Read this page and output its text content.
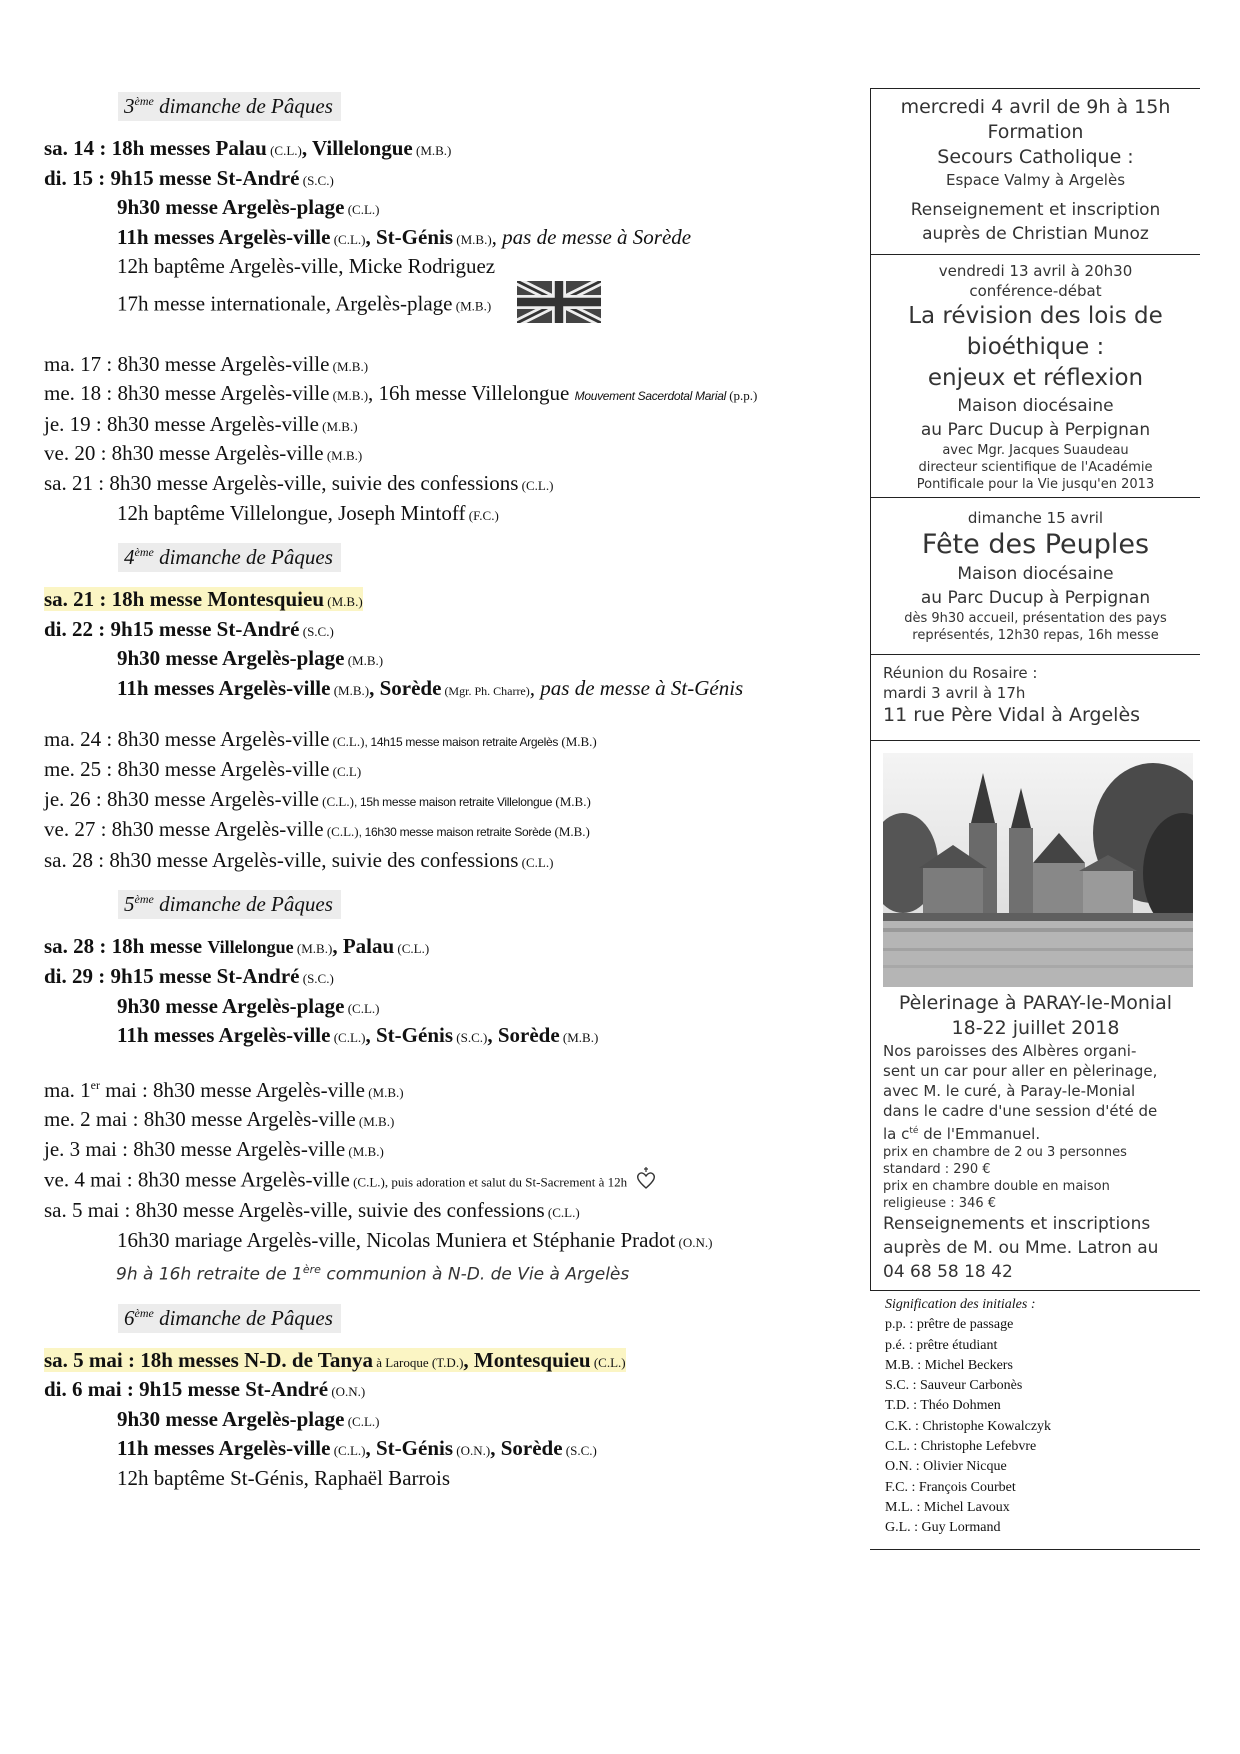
3ème dimanche de Pâques
sa. 14 : 18h messes Palau (C.L.), Villelongue (M.B.)
di. 15 : 9h15 messe St-André (S.C.)
9h30 messe Argelès-plage (C.L.)
11h messes Argelès-ville (C.L.), St-Génis (M.B.), pas de messe à Sorède
12h baptême Argelès-ville, Micke Rodriguez
17h messe internationale, Argelès-plage (M.B.)
ma. 17 : 8h30 messe Argelès-ville (M.B.)
me. 18 : 8h30 messe Argelès-ville (M.B.), 16h messe Villelongue Mouvement Sacerdotal Marial (p.p.)
je. 19 : 8h30 messe Argelès-ville (M.B.)
ve. 20 : 8h30 messe Argelès-ville (M.B.)
sa. 21 : 8h30 messe Argelès-ville, suivie des confessions (C.L.)
12h baptême Villelongue, Joseph Mintoff (F.C.)
4ème dimanche de Pâques
sa. 21 : 18h messe Montesquieu (M.B.)
di. 22 : 9h15 messe St-André (S.C.)
9h30 messe Argelès-plage (M.B.)
11h messes Argelès-ville (M.B.), Sorède (Mgr. Ph. Charre), pas de messe à St-Génis
ma. 24 : 8h30 messe Argelès-ville (C.L.), 14h15 messe maison retraite Argelès (M.B.)
me. 25 : 8h30 messe Argelès-ville (C.L)
je. 26 : 8h30 messe Argelès-ville (C.L.), 15h messe maison retraite Villelongue (M.B.)
ve. 27 : 8h30 messe Argelès-ville (C.L.), 16h30 messe maison retraite Sorède (M.B.)
sa. 28 : 8h30 messe Argelès-ville, suivie des confessions (C.L.)
5ème dimanche de Pâques
sa. 28 : 18h messe Villelongue (M.B.), Palau (C.L.)
di. 29 : 9h15 messe St-André (S.C.)
9h30 messe Argelès-plage (C.L.)
11h messes Argelès-ville (C.L.), St-Génis (S.C.), Sorède (M.B.)
ma. 1er mai : 8h30 messe Argelès-ville (M.B.)
me. 2 mai : 8h30 messe Argelès-ville (M.B.)
je. 3 mai : 8h30 messe Argelès-ville (M.B.)
ve. 4 mai : 8h30 messe Argelès-ville (C.L.), puis adoration et salut du St-Sacrement à 12h
sa. 5 mai : 8h30 messe Argelès-ville, suivie des confessions (C.L.)
16h30 mariage Argelès-ville, Nicolas Muniera et Stéphanie Pradot (O.N.)
9h à 16h retraite de 1ère communion à N-D. de Vie à Argelès
6ème dimanche de Pâques
sa. 5 mai : 18h messes N-D. de Tanya à Laroque (T.D.), Montesquieu (C.L.)
di. 6 mai : 9h15 messe St-André (O.N.)
9h30 messe Argelès-plage (C.L.)
11h messes Argelès-ville (C.L.), St-Génis (O.N.), Sorède (S.C.)
12h baptême St-Génis, Raphaël Barrois
mercredi 4 avril de 9h à 15h
Formation
Secours Catholique :
Espace Valmy à Argelès
Renseignement et inscription
auprès de Christian Munoz
vendredi 13 avril à 20h30
conférence-débat
La révision des lois de
bioéthique :
enjeux et réflexion
Maison diocésaine
au Parc Ducup à Perpignan
avec Mgr. Jacques Suaudeau
directeur scientifique de l'Académie
Pontificale pour la Vie jusqu'en 2013
dimanche 15 avril
Fête des Peuples
Maison diocésaine
au Parc Ducup à Perpignan
dès 9h30 accueil, présentation des pays
représentés, 12h30 repas, 16h messe
Réunion du Rosaire :
mardi 3 avril à 17h
11 rue Père Vidal à Argelès
Pèlerinage à PARAY-le-Monial
18-22 juillet 2018
Nos paroisses des Albères organi-
sent un car pour aller en pèlerinage,
avec M. le curé, à Paray-le-Monial
dans le cadre d'une session d'été de
la $c^{té}$ de l'Emmanuel.
prix en chambre de 2 ou 3 personnes
standard : 290 €
prix en chambre double en maison
religieuse : 346 €
Renseignements et inscriptions
auprès de M. ou Mme. Latron au
04 68 58 18 42
Signification des initiales :
p.p. : prêtre de passage
p.é. : prêtre étudiant
M.B. : Michel Beckers
S.C. : Sauveur Carbonès
T.D. : Théo Dohmen
C.K. : Christophe Kowalczyk
C.L. : Christophe Lefebvre
O.N. : Olivier Nicque
F.C. : François Courbet
M.L. : Michel Lavoux
G.L. : Guy Lormand
